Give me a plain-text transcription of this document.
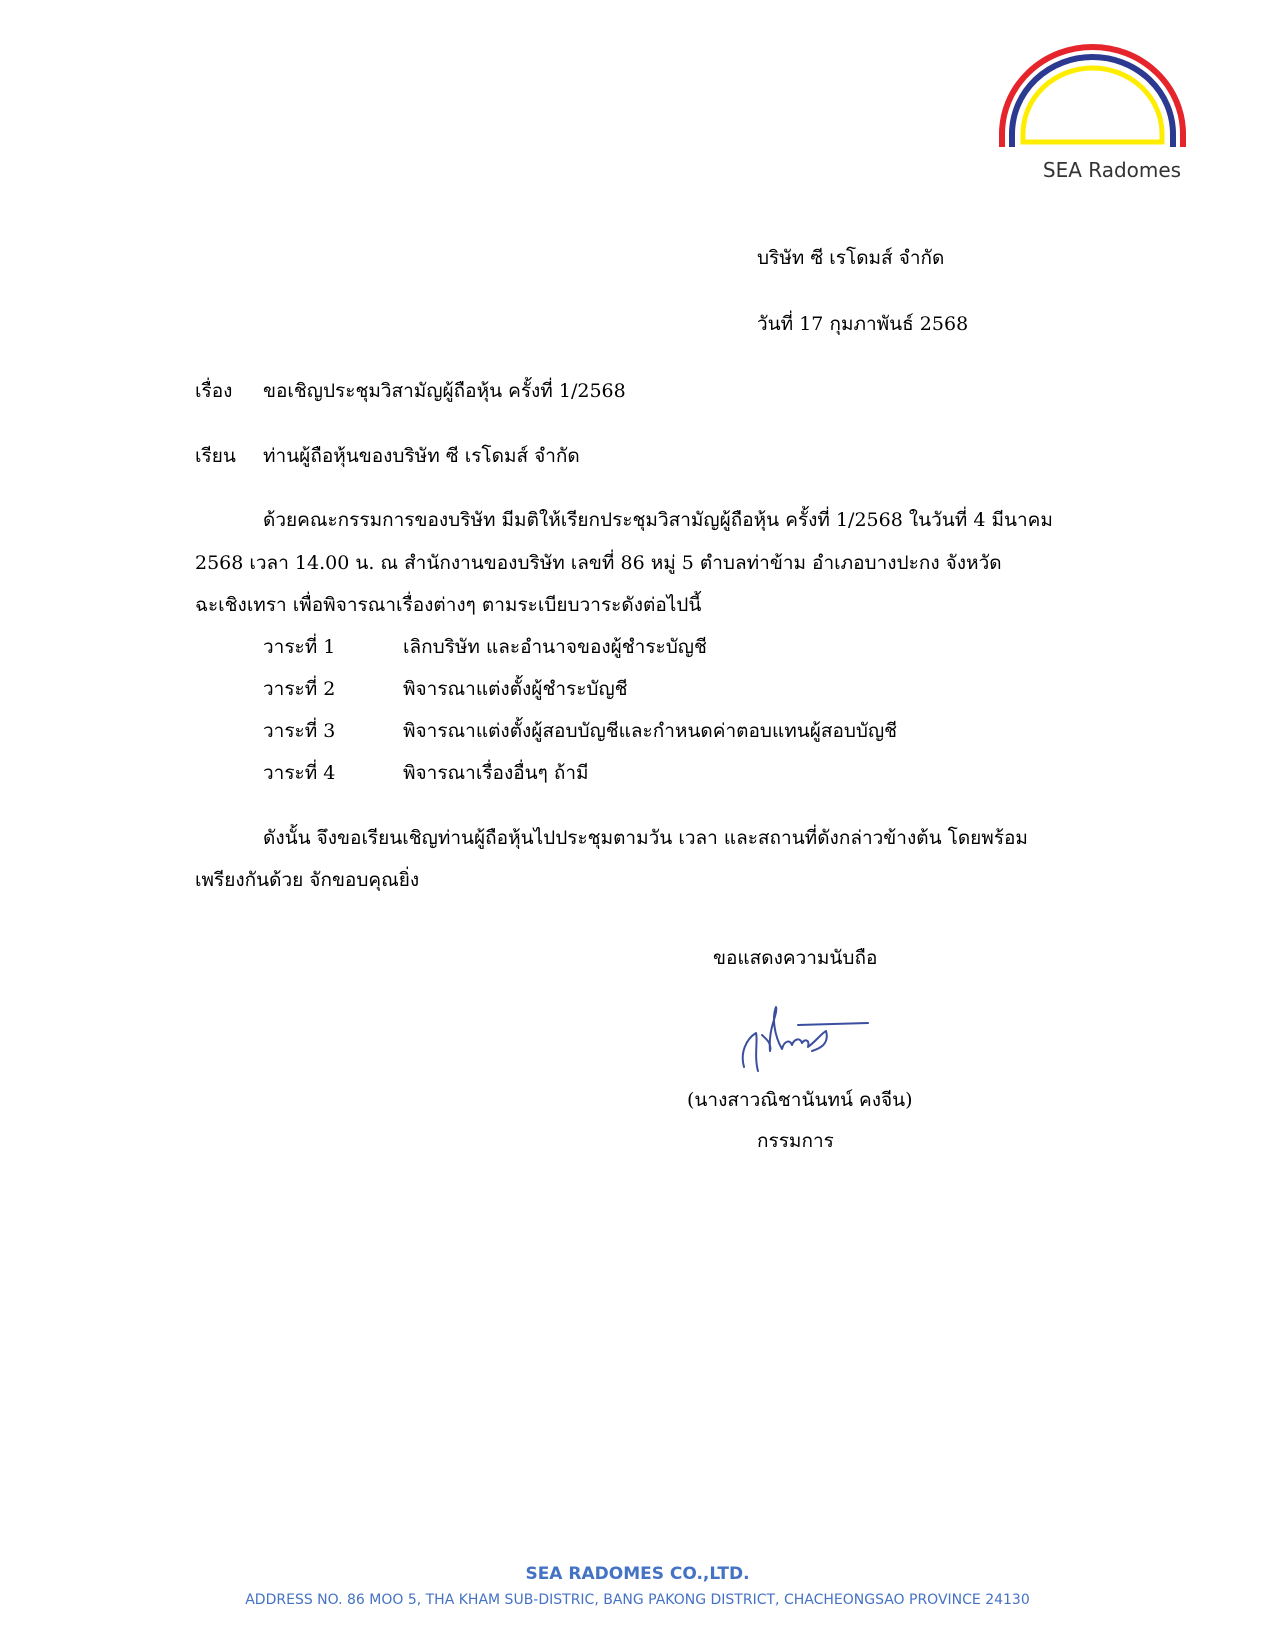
SEA Radomes
บริษัท ซี เรโดมส์ จำกัด
วันที่ 17 กุมภาพันธ์ 2568
เรื่อง ขอเชิญประชุมวิสามัญผู้ถือหุ้น ครั้งที่ 1/2568
เรียน ท่านผู้ถือหุ้นของบริษัท ซี เรโดมส์ จำกัด
ด้วยคณะกรรมการของบริษัท มีมติให้เรียกประชุมวิสามัญผู้ถือหุ้น ครั้งที่ 1/2568 ในวันที่ 4 มีนาคม
2568 เวลา 14.00 น. ณ สำนักงานของบริษัท เลขที่ 86 หมู่ 5 ตำบลท่าข้าม อำเภอบางปะกง จังหวัด
ฉะเชิงเทรา เพื่อพิจารณาเรื่องต่างๆ ตามระเบียบวาระดังต่อไปนี้
วาระที่ 1	เลิกบริษัท และอำนาจของผู้ชำระบัญชี
วาระที่ 2	พิจารณาแต่งตั้งผู้ชำระบัญชี
วาระที่ 3	พิจารณาแต่งตั้งผู้สอบบัญชีและกำหนดค่าตอบแทนผู้สอบบัญชี
วาระที่ 4	พิจารณาเรื่องอื่นๆ ถ้ามี
ดังนั้น จึงขอเรียนเชิญท่านผู้ถือหุ้นไปประชุมตามวัน เวลา และสถานที่ดังกล่าวข้างต้น โดยพร้อม
เพรียงกันด้วย จักขอบคุณยิ่ง
ขอแสดงความนับถือ
(นางสาวณิชานันทน์ คงจีน)
กรรมการ
SEA RADOMES CO.,LTD.
ADDRESS NO. 86 MOO 5, THA KHAM SUB-DISTRIC, BANG PAKONG DISTRICT, CHACHEONGSAO PROVINCE 24130
